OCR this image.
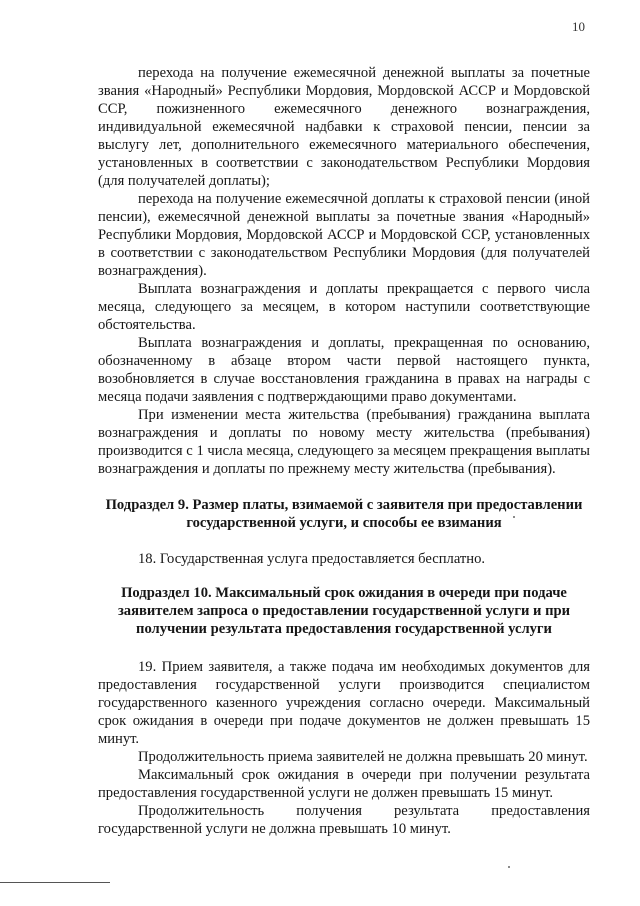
10

перехода на получение ежемесячной денежной выплаты за почетные звания «Народный» Республики Мордовия, Мордовской АССР и Мордовской ССР, пожизненного ежемесячного денежного вознаграждения, индивидуальной ежемесячной надбавки к страховой пенсии, пенсии за выслугу лет, дополнительного ежемесячного материального обеспечения, установленных в соответствии с законодательством Республики Мордовия (для получателей доплаты);

перехода на получение ежемесячной доплаты к страховой пенсии (иной пенсии), ежемесячной денежной выплаты за почетные звания «Народный» Республики Мордовия, Мордовской АССР и Мордовской ССР, установленных в соответствии с законодательством Республики Мордовия (для получателей вознаграждения).

Выплата вознаграждения и доплаты прекращается с первого числа месяца, следующего за месяцем, в котором наступили соответствующие обстоятельства.

Выплата вознаграждения и доплаты, прекращенная по основанию, обозначенному в абзаце втором части первой настоящего пункта, возобновляется в случае восстановления гражданина в правах на награды с месяца подачи заявления с подтверждающими право документами.

При изменении места жительства (пребывания) гражданина выплата вознаграждения и доплаты по новому месту жительства (пребывания) производится с 1 числа месяца, следующего за месяцем прекращения выплаты вознаграждения и доплаты по прежнему месту жительства (пребывания).

Подраздел 9. Размер платы, взимаемой с заявителя при предоставлении государственной услуги, и способы ее взимания

18. Государственная услуга предоставляется бесплатно.

Подраздел 10. Максимальный срок ожидания в очереди при подаче заявителем запроса о предоставлении государственной услуги и при получении результата предоставления государственной услуги

19. Прием заявителя, а также подача им необходимых документов для предоставления государственной услуги производится специалистом государственного казенного учреждения согласно очереди. Максимальный срок ожидания в очереди при подаче документов не должен превышать 15 минут.

Продолжительность приема заявителей не должна превышать 20 минут.

Максимальный срок ожидания в очереди при получении результата предоставления государственной услуги не должен превышать 15 минут.

Продолжительность получения результата предоставления государственной услуги не должна превышать 10 минут.
